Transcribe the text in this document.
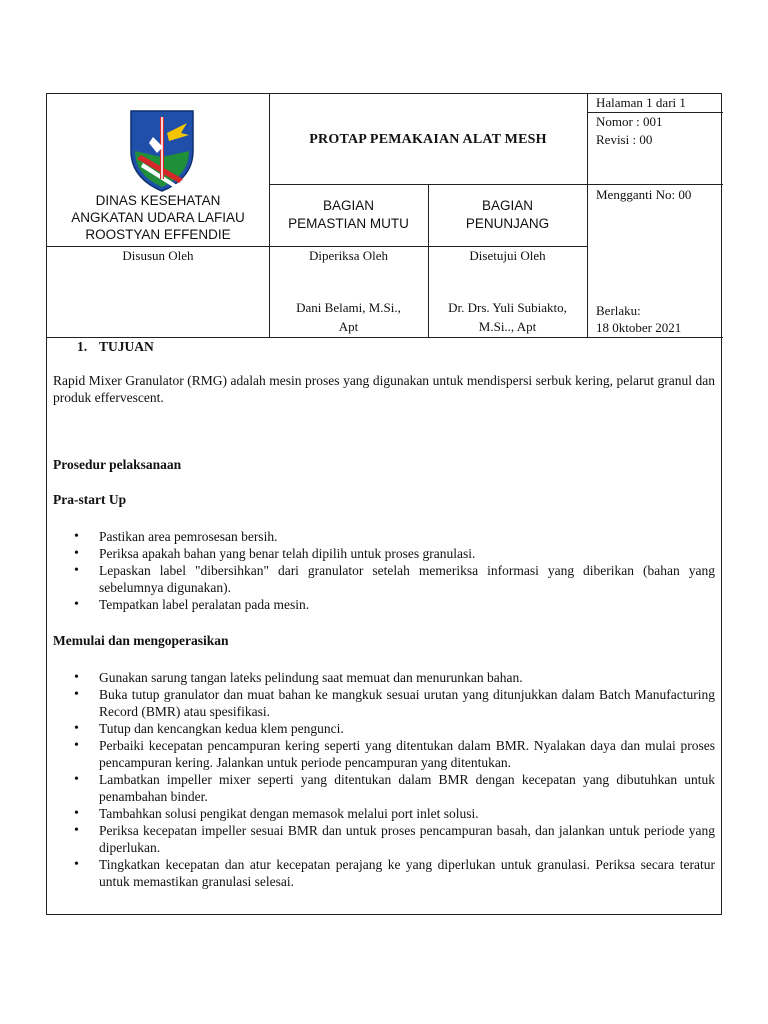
DINAS KESEHATAN
ANGKATAN UDARA LAFIAU
ROOSTYAN EFFENDIE
PROTAP PEMAKAIAN ALAT MESH
Halaman 1 dari 1
Nomor : 001
Revisi : 00
Mengganti No: 00
Berlaku:
18 0ktober 2021
BAGIAN
PEMASTIAN MUTU
BAGIAN
PENUNJANG
Disusun Oleh	Diperiksa Oleh	Disetujui Oleh
Dani Belami, M.Si.,
Apt
Dr. Drs. Yuli Subiakto,
M.Si.., Apt

1. TUJUAN

Rapid Mixer Granulator (RMG) adalah mesin proses yang digunakan untuk mendispersi serbuk kering, pelarut granul dan produk effervescent.

Prosedur pelaksanaan

Pra-start Up

• Pastikan area pemrosesan bersih.
• Periksa apakah bahan yang benar telah dipilih untuk proses granulasi.
• Lepaskan label "dibersihkan" dari granulator setelah memeriksa informasi yang diberikan (bahan yang sebelumnya digunakan).
• Tempatkan label peralatan pada mesin.

Memulai dan mengoperasikan

• Gunakan sarung tangan lateks pelindung saat memuat dan menurunkan bahan.
• Buka tutup granulator dan muat bahan ke mangkuk sesuai urutan yang ditunjukkan dalam Batch Manufacturing Record (BMR) atau spesifikasi.
• Tutup dan kencangkan kedua klem pengunci.
• Perbaiki kecepatan pencampuran kering seperti yang ditentukan dalam BMR. Nyalakan daya dan mulai proses pencampuran kering. Jalankan untuk periode pencampuran yang ditentukan.
• Lambatkan impeller mixer seperti yang ditentukan dalam BMR dengan kecepatan yang dibutuhkan untuk penambahan binder.
• Tambahkan solusi pengikat dengan memasok melalui port inlet solusi.
• Periksa kecepatan impeller sesuai BMR dan untuk proses pencampuran basah, dan jalankan untuk periode yang diperlukan.
• Tingkatkan kecepatan dan atur kecepatan perajang ke yang diperlukan untuk granulasi. Periksa secara teratur untuk memastikan granulasi selesai.
